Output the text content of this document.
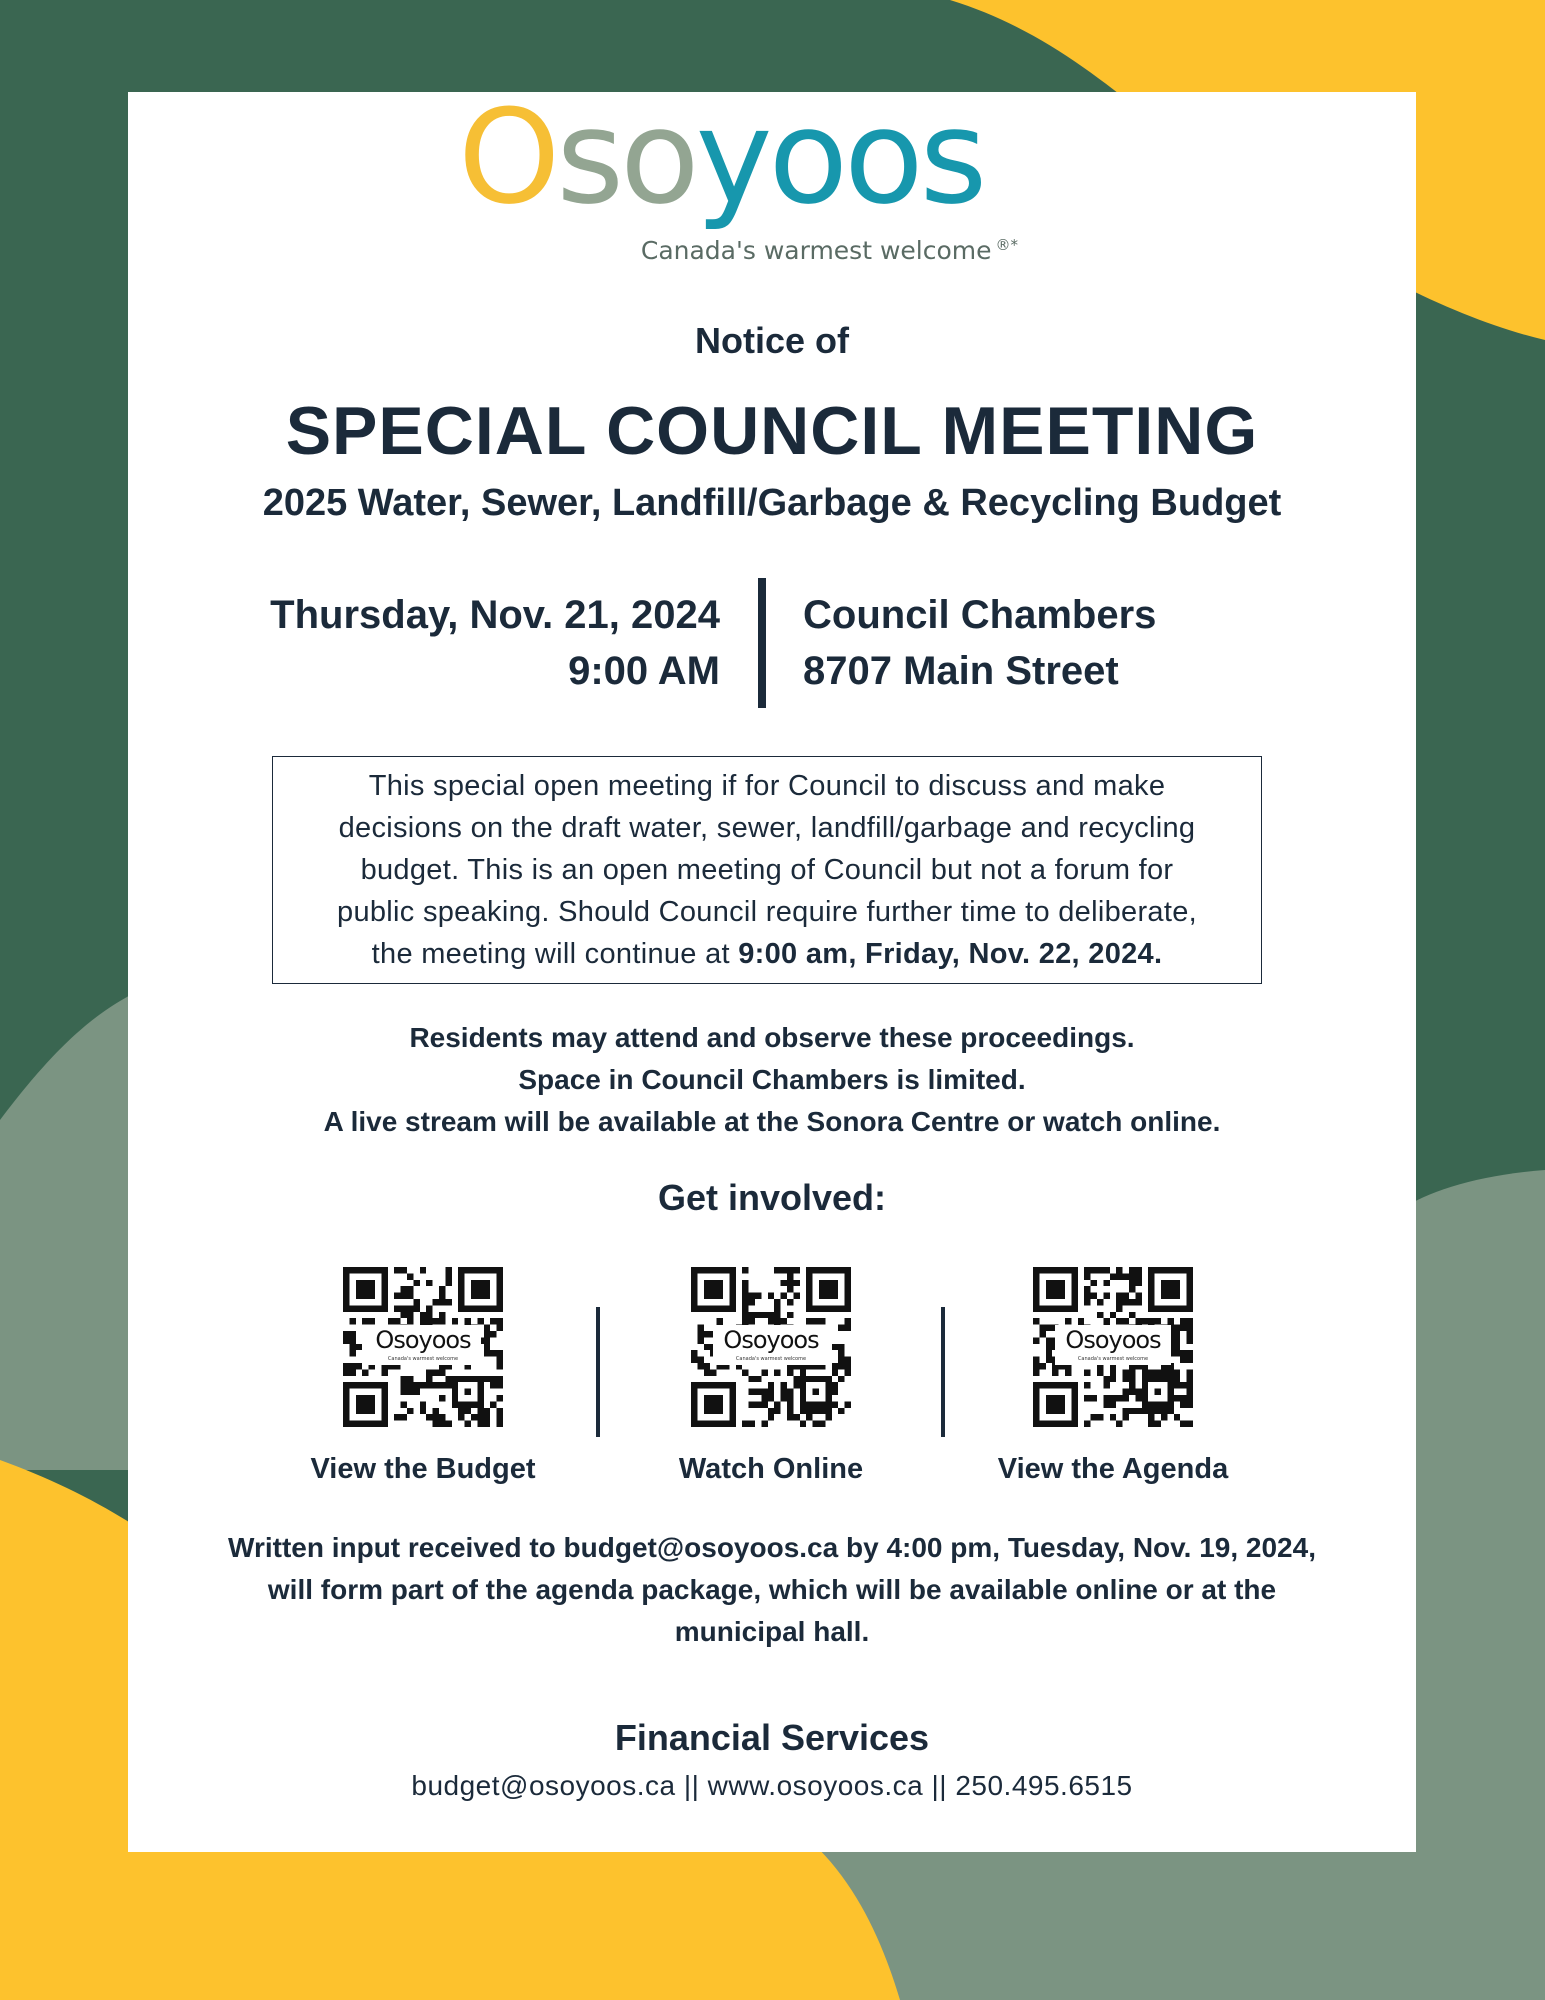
Osoyoos
Canada's warmest welcome ®*
Notice of
SPECIAL COUNCIL MEETING
2025 Water, Sewer, Landfill/Garbage & Recycling Budget
Thursday, Nov. 21, 2024
9:00 AM
Council Chambers
8707 Main Street
This special open meeting if for Council to discuss and make
decisions on the draft water, sewer, landfill/garbage and recycling
budget. This is an open meeting of Council but not a forum for
public speaking. Should Council require further time to deliberate,
the meeting will continue at 9:00 am, Friday, Nov. 22, 2024.
Residents may attend and observe these proceedings.
Space in Council Chambers is limited.
A live stream will be available at the Sonora Centre or watch online.
Get involved:
Osoyoos
Canada's warmest welcome
View the Budget
Osoyoos
Canada's warmest welcome
Watch Online
Osoyoos
Canada's warmest welcome
View the Agenda
Written input received to budget@osoyoos.ca by 4:00 pm, Tuesday, Nov. 19, 2024,
will form part of the agenda package, which will be available online or at the
municipal hall.
Financial Services
budget@osoyoos.ca || www.osoyoos.ca || 250.495.6515
